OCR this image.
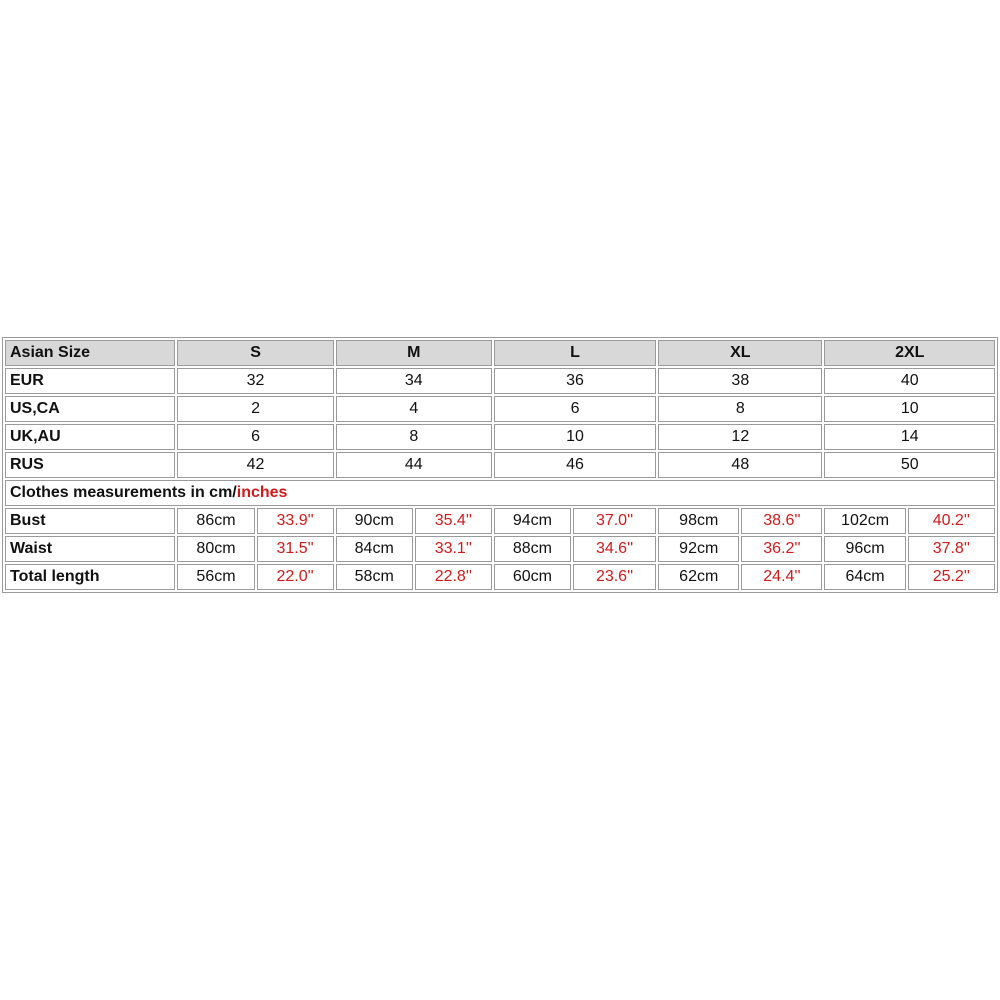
Asian Size	S		M		L		XL		2XL	
EUR	32		34		36		38		40	
US,CA	2		4		6		8		10	
UK,AU	6		8		10		12		14	
RUS	42		44		46		48		50	
Clothes measurements in cm/inches										
Bust	86cm	33.9''	90cm	35.4''	94cm	37.0''	98cm	38.6''	102cm	40.2''
Waist	80cm	31.5''	84cm	33.1''	88cm	34.6''	92cm	36.2''	96cm	37.8''
Total length	56cm	22.0''	58cm	22.8''	60cm	23.6''	62cm	24.4''	64cm	25.2''
